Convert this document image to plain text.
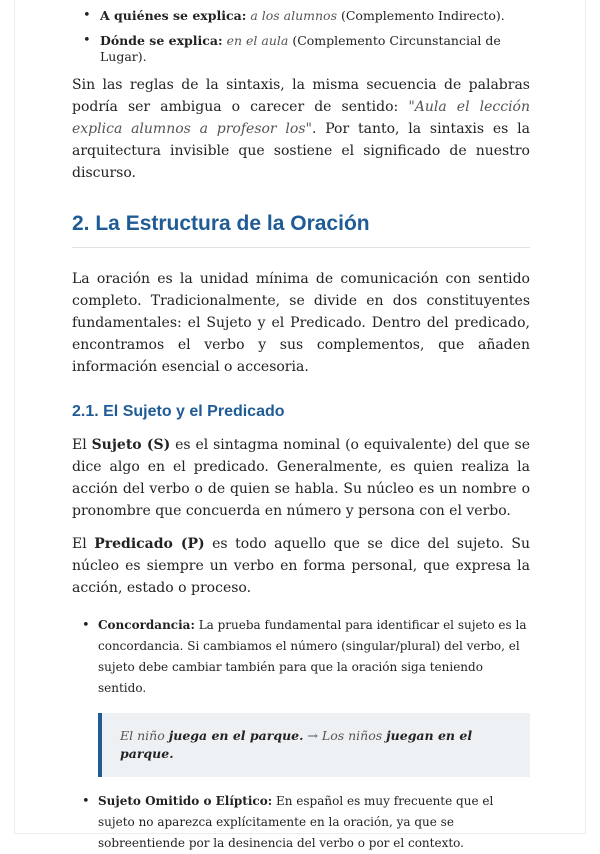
• A quiénes se explica: a los alumnos (Complemento Indirecto).
• Dónde se explica: en el aula (Complemento Circunstancial de Lugar).

Sin las reglas de la sintaxis, la misma secuencia de palabras podría ser ambigua o carecer de sentido: "Aula el lección explica alumnos a profesor los". Por tanto, la sintaxis es la arquitectura invisible que sostiene el significado de nuestro discurso.

2. La Estructura de la Oración

La oración es la unidad mínima de comunicación con sentido completo. Tradicionalmente, se divide en dos constituyentes fundamentales: el Sujeto y el Predicado. Dentro del predicado, encontramos el verbo y sus complementos, que añaden información esencial o accesoria.

2.1. El Sujeto y el Predicado

El Sujeto (S) es el sintagma nominal (o equivalente) del que se dice algo en el predicado. Generalmente, es quien realiza la acción del verbo o de quien se habla. Su núcleo es un nombre o pronombre que concuerda en número y persona con el verbo.

El Predicado (P) es todo aquello que se dice del sujeto. Su núcleo es siempre un verbo en forma personal, que expresa la acción, estado o proceso.

• Concordancia: La prueba fundamental para identificar el sujeto es la concordancia. Si cambiamos el número (singular/plural) del verbo, el sujeto debe cambiar también para que la oración siga teniendo sentido.
El niño juega en el parque. → Los niños juegan en el parque.
• Sujeto Omitido o Elíptico: En español es muy frecuente que el sujeto no aparezca explícitamente en la oración, ya que se sobreentiende por la desinencia del verbo o por el contexto.
